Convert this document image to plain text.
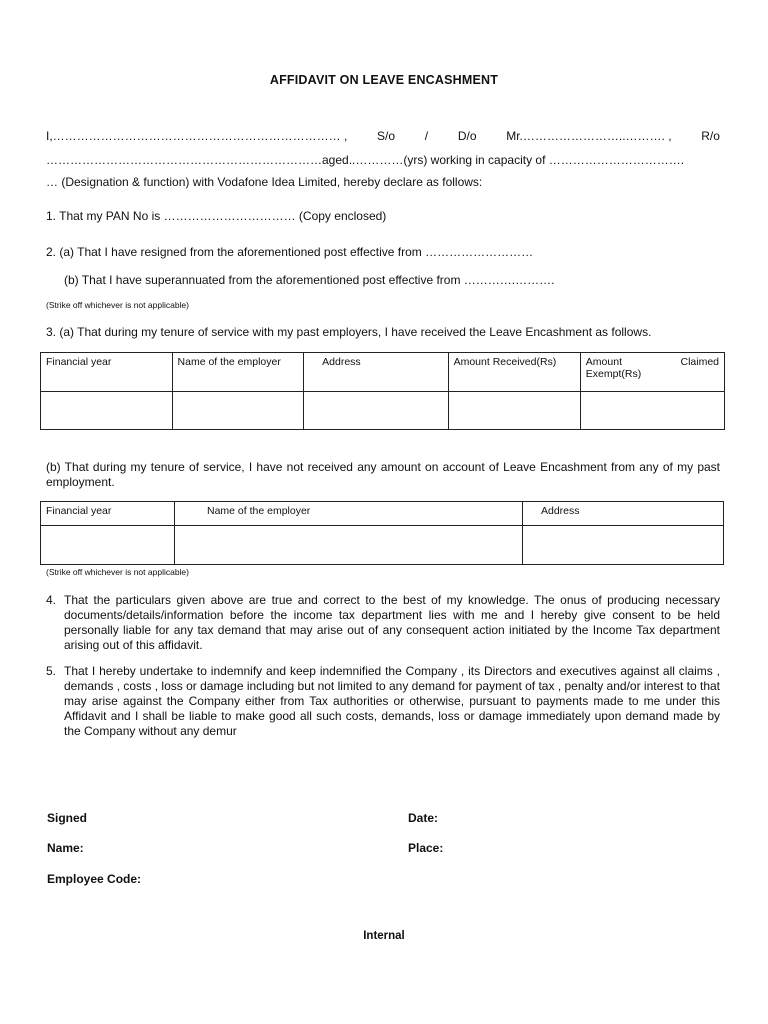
AFFIDAVIT ON LEAVE ENCASHMENT
I,……………………………………………………………… , S/o / D/o Mr.……………………..………. , R/o
……………………………………………………………aged..…………(yrs) working in capacity of …………………………….
… (Designation & function) with Vodafone Idea Limited, hereby declare as follows:
1. That my PAN No is …………………………… (Copy enclosed)
2. (a) That I have resigned from the aforementioned post effective from ………………………
(b) That I have superannuated from the aforementioned post effective from ………….……….
(Strike off whichever is not applicable)
3. (a) That during my tenure of service with my past employers, I have received the Leave Encashment as follows.
Financial year	Name of the employer	Address	Amount Received(Rs)	Amount Claimed
Exempt(Rs)

(b) That during my tenure of service, I have not received any amount on account of Leave Encashment from any of my past employment.
Financial year	Name of the employer	Address

(Strike off whichever is not applicable)
4. That the particulars given above are true and correct to the best of my knowledge. The onus of producing necessary documents/details/information before the income tax department lies with me and I hereby give consent to be held personally liable for any tax demand that may arise out of any consequent action initiated by the Income Tax department arising out of this affidavit.
5. That I hereby undertake to indemnify and keep indemnified the Company , its Directors and executives against all claims , demands , costs , loss or damage including but not limited to any demand for payment of tax , penalty and/or interest to that may arise against the Company either from Tax authorities or otherwise, pursuant to payments made to me under this Affidavit and I shall be liable to make good all such costs, demands, loss or damage immediately upon demand made by the Company without any demur
Signed	Date:
Name:	Place:
Employee Code:
Internal
